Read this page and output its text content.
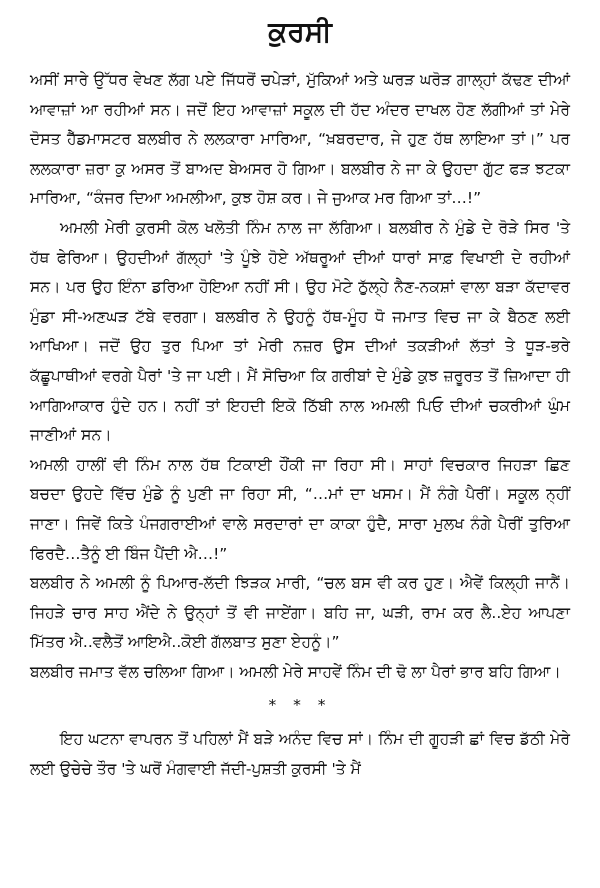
ਕੁਰਸੀ

ਅਸੀਂ ਸਾਰੇ ਉੱਧਰ ਵੇਖਣ ਲੱਗ ਪਏ ਜਿੱਧਰੋਂ ਚਪੇੜਾਂ, ਮੁੱਕਿਆਂ ਅਤੇ ਘਰੜ ਘਰੋੜ ਗਾਲ੍ਹਾਂ ਕੱਢਣ ਦੀਆਂ ਆਵਾਜ਼ਾਂ ਆ ਰਹੀਆਂ ਸਨ। ਜਦੋਂ ਇਹ ਆਵਾਜ਼ਾਂ ਸਕੂਲ ਦੀ ਹੱਦ ਅੰਦਰ ਦਾਖਲ ਹੋਣ ਲੱਗੀਆਂ ਤਾਂ ਮੇਰੇ ਦੋਸਤ ਹੈੱਡਮਾਸਟਰ ਬਲਬੀਰ ਨੇ ਲਲਕਾਰਾ ਮਾਰਿਆ, “ਖ਼ਬਰਦਾਰ, ਜੇ ਹੁਣ ਹੱਥ ਲਾਇਆ ਤਾਂ।” ਪਰ ਲਲਕਾਰਾ ਜ਼ਰਾ ਕੁ ਅਸਰ ਤੋਂ ਬਾਅਦ ਬੇਅਸਰ ਹੋ ਗਿਆ। ਬਲਬੀਰ ਨੇ ਜਾ ਕੇ ਉਹਦਾ ਗੁੱਟ ਫੜ ਝਟਕਾ ਮਾਰਿਆ, “ਕੰਜਰ ਦਿਆ ਅਮਲੀਆ, ਕੁਝ ਹੋਸ਼ ਕਰ। ਜੇ ਜੁਆਕ ਮਰ ਗਿਆ ਤਾਂ…!”

ਅਮਲੀ ਮੇਰੀ ਕੁਰਸੀ ਕੋਲ ਖਲੋਤੀ ਨਿੰਮ ਨਾਲ ਜਾ ਲੱਗਿਆ। ਬਲਬੀਰ ਨੇ ਮੁੰਡੇ ਦੇ ਰੋੜੇ ਸਿਰ 'ਤੇ ਹੱਥ ਫੇਰਿਆ। ਉਹਦੀਆਂ ਗੱਲ੍ਹਾਂ 'ਤੇ ਪੂੰਝੇ ਹੋਏ ਅੱਥਰੂਆਂ ਦੀਆਂ ਧਾਰਾਂ ਸਾਫ਼ ਵਿਖਾਈ ਦੇ ਰਹੀਆਂ ਸਨ। ਪਰ ਉਹ ਇੰਨਾ ਡਰਿਆ ਹੋਇਆ ਨਹੀਂ ਸੀ। ਉਹ ਮੋਟੇ ਠੁੱਲ੍ਹੇ ਨੈਣ-ਨਕਸ਼ਾਂ ਵਾਲਾ ਬੜਾ ਕੱਦਾਵਰ ਮੁੰਡਾ ਸੀ-ਅਣਘੜ ਟੱਬੇ ਵਰਗਾ। ਬਲਬੀਰ ਨੇ ਉਹਨੂੰ ਹੱਥ-ਮੂੰਹ ਧੋ ਜਮਾਤ ਵਿਚ ਜਾ ਕੇ ਬੈਠਣ ਲਈ ਆਖਿਆ। ਜਦੋਂ ਉਹ ਤੁਰ ਪਿਆ ਤਾਂ ਮੇਰੀ ਨਜ਼ਰ ਉਸ ਦੀਆਂ ਤਕੜੀਆਂ ਲੱਤਾਂ ਤੇ ਧੂੜ-ਭਰੇ ਕੱਛੂਪਾਥੀਆਂ ਵਰਗੇ ਪੈਰਾਂ 'ਤੇ ਜਾ ਪਈ। ਮੈਂ ਸੋਚਿਆ ਕਿ ਗਰੀਬਾਂ ਦੇ ਮੁੰਡੇ ਕੁਝ ਜ਼ਰੂਰਤ ਤੋਂ ਜ਼ਿਆਦਾ ਹੀ ਆਗਿਆਕਾਰ ਹੁੰਦੇ ਹਨ। ਨਹੀਂ ਤਾਂ ਇਹਦੀ ਇਕੋ ਠਿੱਬੀ ਨਾਲ ਅਮਲੀ ਪਿਓ ਦੀਆਂ ਚਕਰੀਆਂ ਘੁੰਮ ਜਾਣੀਆਂ ਸਨ।

ਅਮਲੀ ਹਾਲੀਂ ਵੀ ਨਿੰਮ ਨਾਲ ਹੱਥ ਟਿਕਾਈ ਹੌਂਕੀ ਜਾ ਰਿਹਾ ਸੀ। ਸਾਹਾਂ ਵਿਚਕਾਰ ਜਿਹੜਾ ਛਿਣ ਬਚਦਾ ਉਹਦੇ ਵਿੱਚ ਮੁੰਡੇ ਨੂੰ ਪੁਣੀ ਜਾ ਰਿਹਾ ਸੀ, “…ਮਾਂ ਦਾ ਖਸਮ। ਮੈਂ ਨੰਗੇ ਪੈਰੀਂ। ਸਕੂਲ ਨ੍ਹੀਂ ਜਾਣਾ। ਜਿਵੇਂ ਕਿਤੇ ਪੰਜਗਰਾਈਆਂ ਵਾਲੇ ਸਰਦਾਰਾਂ ਦਾ ਕਾਕਾ ਹੁੰਦੈ, ਸਾਰਾ ਮੁਲਖ ਨੰਗੇ ਪੈਰੀਂ ਤੁਰਿਆ ਫਿਰਦੈ…ਤੈਨੂੰ ਈ ਬਿੰਜ ਪੈਂਦੀ ਐ…!”

ਬਲਬੀਰ ਨੇ ਅਮਲੀ ਨੂੰ ਪਿਆਰ-ਲੱਦੀ ਝਿੜਕ ਮਾਰੀ, “ਚਲ ਬਸ ਵੀ ਕਰ ਹੁਣ। ਐਵੇਂ ਕਿਲ੍ਹੀ ਜਾਨੈਂ। ਜਿਹੜੇ ਚਾਰ ਸਾਹ ਐਂਦੇ ਨੇ ਉਨ੍ਹਾਂ ਤੋਂ ਵੀ ਜਾਏਂਗਾ। ਬਹਿ ਜਾ, ਘੜੀ, ਰਾਮ ਕਰ ਲੈ..ਏਹ ਆਪਣਾ ਮਿੱਤਰ ਐ..ਵਲੈਤੋਂ ਆਇਐ..ਕੋਈ ਗੱਲਬਾਤ ਸੁਣਾ ਏਹਨੂੰ।”

ਬਲਬੀਰ ਜਮਾਤ ਵੱਲ ਚਲਿਆ ਗਿਆ। ਅਮਲੀ ਮੇਰੇ ਸਾਹਵੇਂ ਨਿੰਮ ਦੀ ਢੋ ਲਾ ਪੈਰਾਂ ਭਾਰ ਬਹਿ ਗਿਆ।

* * *

ਇਹ ਘਟਨਾ ਵਾਪਰਨ ਤੋਂ ਪਹਿਲਾਂ ਮੈਂ ਬੜੇ ਅਨੰਦ ਵਿਚ ਸਾਂ। ਨਿੰਮ ਦੀ ਗੂਹੜੀ ਛਾਂ ਵਿਚ ਡੱਠੀ ਮੇਰੇ ਲਈ ਉਚੇਚੇ ਤੌਰ 'ਤੇ ਘਰੋਂ ਮੰਗਵਾਈ ਜੱਦੀ-ਪੁਸ਼ਤੀ ਕੁਰਸੀ 'ਤੇ ਮੈਂ
